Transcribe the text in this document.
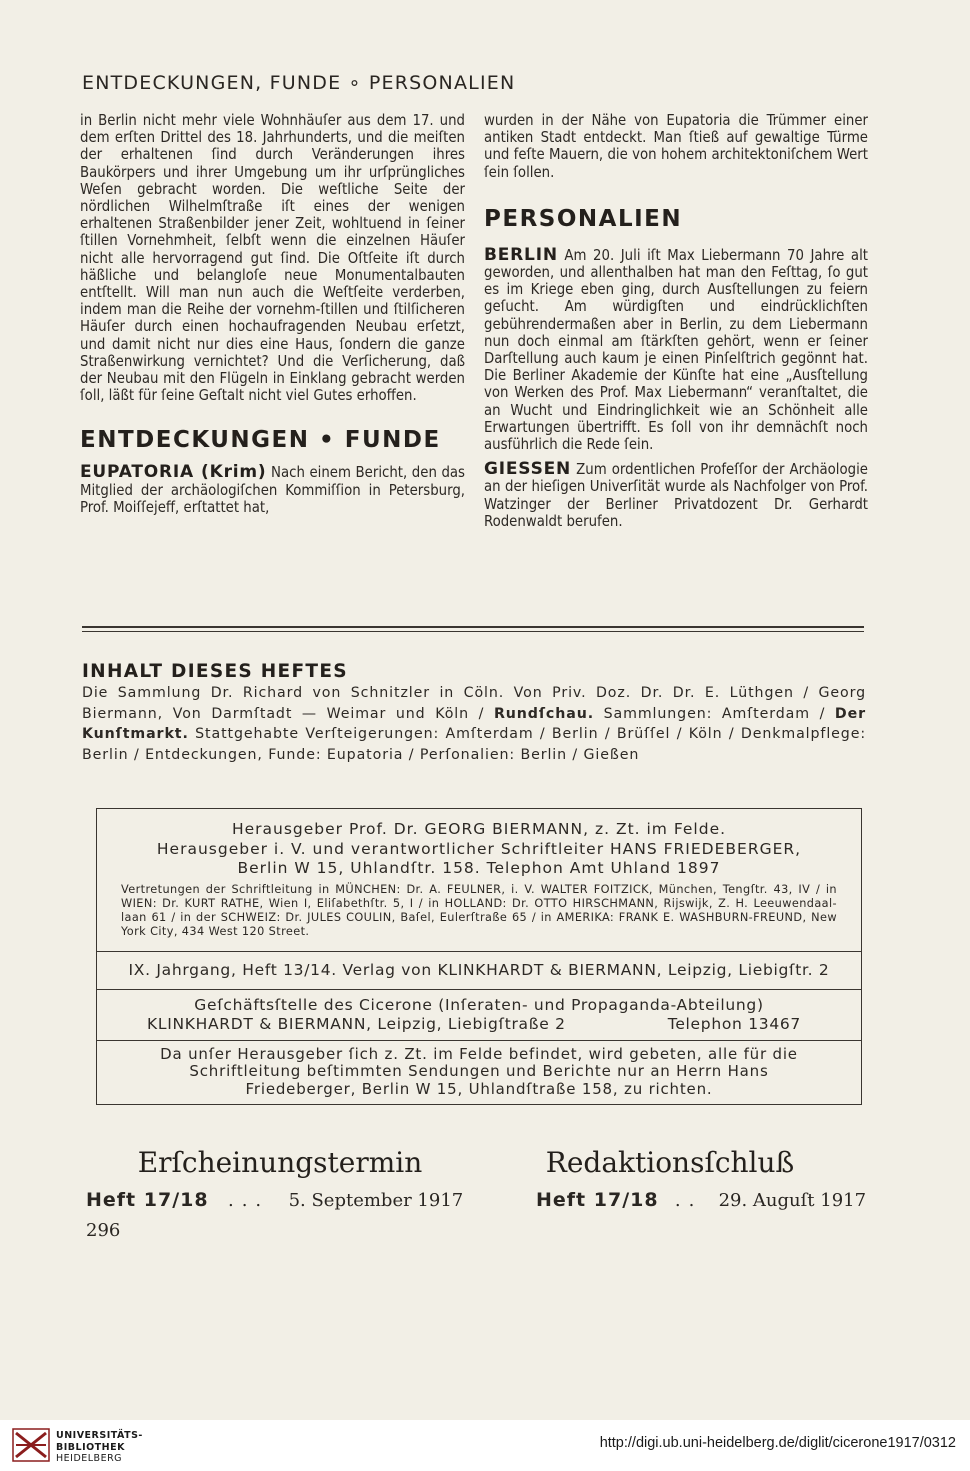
ENTDECKUNGEN, FUNDE ∘ PERSONALIEN

in Berlin nicht mehr viele Wohnhäuſer aus dem 17. und dem erſten Drittel des 18. Jahrhunderts, und die meiſten der erhaltenen ſind durch Veränderungen ihres Baukörpers und ihrer Umgebung um ihr urſprüngliches Weſen gebracht worden. Die weſtliche Seite der nördlichen Wilhelmſtraße iſt eines der wenigen erhaltenen Straßenbilder jener Zeit, wohltuend in ſeiner ſtillen Vornehmheit, ſelbſt wenn die einzelnen Häuſer nicht alle hervorragend gut ſind. Die Oſtſeite iſt durch häßliche und belangloſe neue Monumentalbauten entſtellt. Will man nun auch die Weſtſeite verderben, indem man die Reihe der vornehm-ſtillen und ſtilſicheren Häuſer durch einen hochaufragenden Neubau erſetzt, und damit nicht nur dies eine Haus, ſondern die ganze Straßenwirkung vernichtet? Und die Verſicherung, daß der Neubau mit den Flügeln in Einklang gebracht werden ſoll, läßt für ſeine Geſtalt nicht viel Gutes erhoffen.

ENTDECKUNGEN • FUNDE

EUPATORIA (Krim) Nach einem Bericht, den das Mitglied der archäologiſchen Kommiſſion in Petersburg, Prof. Moiſſejeff, erſtattet hat,

wurden in der Nähe von Eupatoria die Trümmer einer antiken Stadt entdeckt. Man ſtieß auf gewaltige Türme und feſte Mauern, die von hohem architektoniſchem Wert ſein ſollen.

PERSONALIEN

BERLIN Am 20. Juli iſt Max Liebermann 70 Jahre alt geworden, und allenthalben hat man den Feſttag, ſo gut es im Kriege eben ging, durch Ausſtellungen zu feiern geſucht. Am würdigſten und eindrücklichſten gebührendermaßen aber in Berlin, zu dem Liebermann nun doch einmal am ſtärkſten gehört, wenn er ſeiner Darſtellung auch kaum je einen Pinſelſtrich gegönnt hat. Die Berliner Akademie der Künſte hat eine „Ausſtellung von Werken des Prof. Max Liebermann“ veranſtaltet, die an Wucht und Eindringlichkeit wie an Schönheit alle Erwartungen übertrifft. Es ſoll von ihr demnächſt noch ausführlich die Rede ſein.

GIESSEN Zum ordentlichen Profeſſor der Archäologie an der hieſigen Univerſität wurde als Nachfolger von Prof. Watzinger der Berliner Privatdozent Dr. Gerhardt Rodenwaldt berufen.

INHALT DIESES HEFTES
Die Sammlung Dr. Richard von Schnitzler in Cöln. Von Priv. Doz. Dr. Dr. E. Lüthgen / Georg Biermann, Von Darmſtadt — Weimar und Köln / Rundſchau. Sammlungen: Amſterdam / Der Kunſtmarkt. Stattgehabte Verſteigerungen: Amſterdam / Berlin / Brüſſel / Köln / Denkmalpflege: Berlin / Entdeckungen, Funde: Eupatoria / Perſonalien: Berlin / Gießen
Herausgeber Prof. Dr. GEORG BIERMANN, z. Zt. im Felde.
Herausgeber i. V. und verantwortlicher Schriftleiter HANS FRIEDEBERGER,
Berlin W 15, Uhlandſtr. 158. Telephon Amt Uhland 1897
Vertretungen der Schriftleitung in MÜNCHEN: Dr. A. FEULNER, i. V. WALTER FOITZICK, München, Tengſtr. 43, IV / in WIEN: Dr. KURT RATHE, Wien I, Eliſabethſtr. 5, I / in HOLLAND: Dr. OTTO HIRSCHMANN, Rijswijk, Z. H. Leeuwendaal-laan 61 / in der SCHWEIZ: Dr. JULES COULIN, Baſel, Eulerſtraße 65 / in AMERIKA: FRANK E. WASHBURN-FREUND, New York City, 434 West 120 Street.
IX. Jahrgang, Heft 13/14. Verlag von KLINKHARDT & BIERMANN, Leipzig, Liebigſtr. 2
Geſchäftsſtelle des Cicerone (Inſeraten- und Propaganda-Abteilung)
KLINKHARDT & BIERMANN, Leipzig, Liebigſtraße 2	Telephon 13467
Da unſer Herausgeber ſich z. Zt. im Felde befindet, wird gebeten, alle für die Schriftleitung beſtimmten Sendungen und Berichte nur an Herrn Hans Friedeberger, Berlin W 15, Uhlandſtraße 158, zu richten.
Erſcheinungstermin
Heft 17/18 ... 5. September 1917
Redaktionsſchluß
Heft 17/18 .. 29. Auguſt 1917
296
UNIVERSITÄTS-
BIBLIOTHEK
HEIDELBERG
http://digi.ub.uni-heidelberg.de/diglit/cicerone1917/0312
